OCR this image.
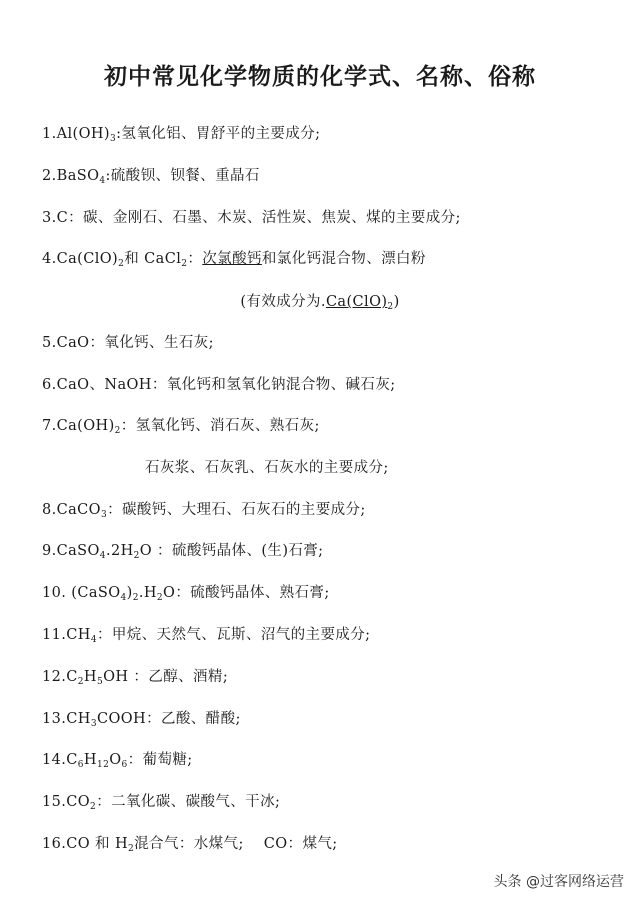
初中常见化学物质的化学式、名称、俗称
$1.Al(OH)_3$:氢氧化铝、胃舒平的主要成分;
2.BaSO$_4$:硫酸钡、钡餐、重晶石
3.C：碳、金刚石、石墨、木炭、活性炭、焦炭、煤的主要成分;
$4.Ca(ClO)_2$和 CaCl$_2$：次氯酸钙和氯化钙混合物、漂白粉
(有效成分为$.Ca(ClO)_2$)
5.CaO：氧化钙、生石灰;
6.CaO、NaOH：氧化钙和氢氧化钠混合物、碱石灰;
$7.Ca(OH)_2$：氢氧化钙、消石灰、熟石灰;
石灰浆、石灰乳、石灰水的主要成分;
8.CaCO$_3$：碳酸钙、大理石、石灰石的主要成分;
$9.CaSO_4.2H_2O$ ：硫酸钙晶体、(生)石膏;
10. $(CaSO_4)_2.H_2O$：硫酸钙晶体、熟石膏;
$11.CH_4$：甲烷、天然气、瓦斯、沼气的主要成分;
$12.C_2H_5OH$ ：乙醇、酒精;
$13.CH_3COOH$：乙酸、醋酸;
$14.C_6H_{12}O_6$：葡萄糖;
$15.CO_2$：二氧化碳、碳酸气、干冰;
16.CO 和 $H_2$混合气：水煤气;    CO：煤气;
头条 @过客网络运营
